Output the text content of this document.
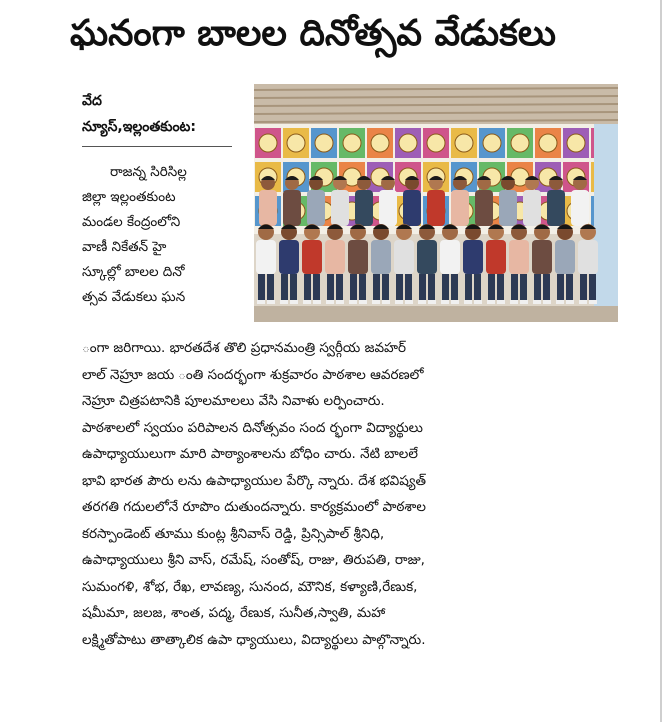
ఘనంగా బాలల దినోత్సవ వేడుకలు
వేద
న్యూస్,ఇల్లంతకుంట:
రాజన్న సిరిసిల్ల
జిల్లా ఇల్లంతకుంట
మండల కేంద్రంలోని
వాణీ నికేతన్ హై
స్కూల్లో బాలల దినో
త్సవ వేడుకలు ఘన
ంగా జరిగాయి. భారతదేశ తొలి ప్రధానమంత్రి స్వర్గీయ జవహర్
లాల్ నెహ్రూ జయ ంతి సందర్భంగా శుక్రవారం పాఠశాల ఆవరణలో
నెహ్రూ చిత్రపటానికి పూలమాలలు వేసి నివాళు లర్పించారు.
పాఠశాలలో స్వయం పరిపాలన దినోత్సవం సంద ర్భంగా విద్యార్థులు
ఉపాధ్యాయులుగా మారి పాఠ్యాంశాలను బోధిం చారు. నేటి బాలలే
భావి భారత పౌరు లను ఉపాధ్యాయుల పేర్కొ న్నారు. దేశ భవిష్యత్
తరగతి గదులలోనే రూపొం దుతుందన్నారు. కార్యక్రమంలో పాఠశాల
కరస్పాండెంట్ తూము కుంట్ల శ్రీనివాస్ రెడ్డి, ప్రిన్సిపాల్ శ్రీనిధి,
ఉపాధ్యాయులు శ్రీని వాస్, రమేష్, సంతోష్, రాజు, తిరుపతి, రాజు,
సుమంగళి, శోభ, రేఖ, లావణ్య, సునంద, మౌనిక, కళ్యాణి,రేణుక,
షమీమా, జలజ, శాంత, పద్మ, రేణుక, సునీత,స్వాతి, మహా
లక్ష్మితోపాటు తాత్కాలిక ఉపా ధ్యాయులు, విద్యార్థులు పాల్గొన్నారు.
